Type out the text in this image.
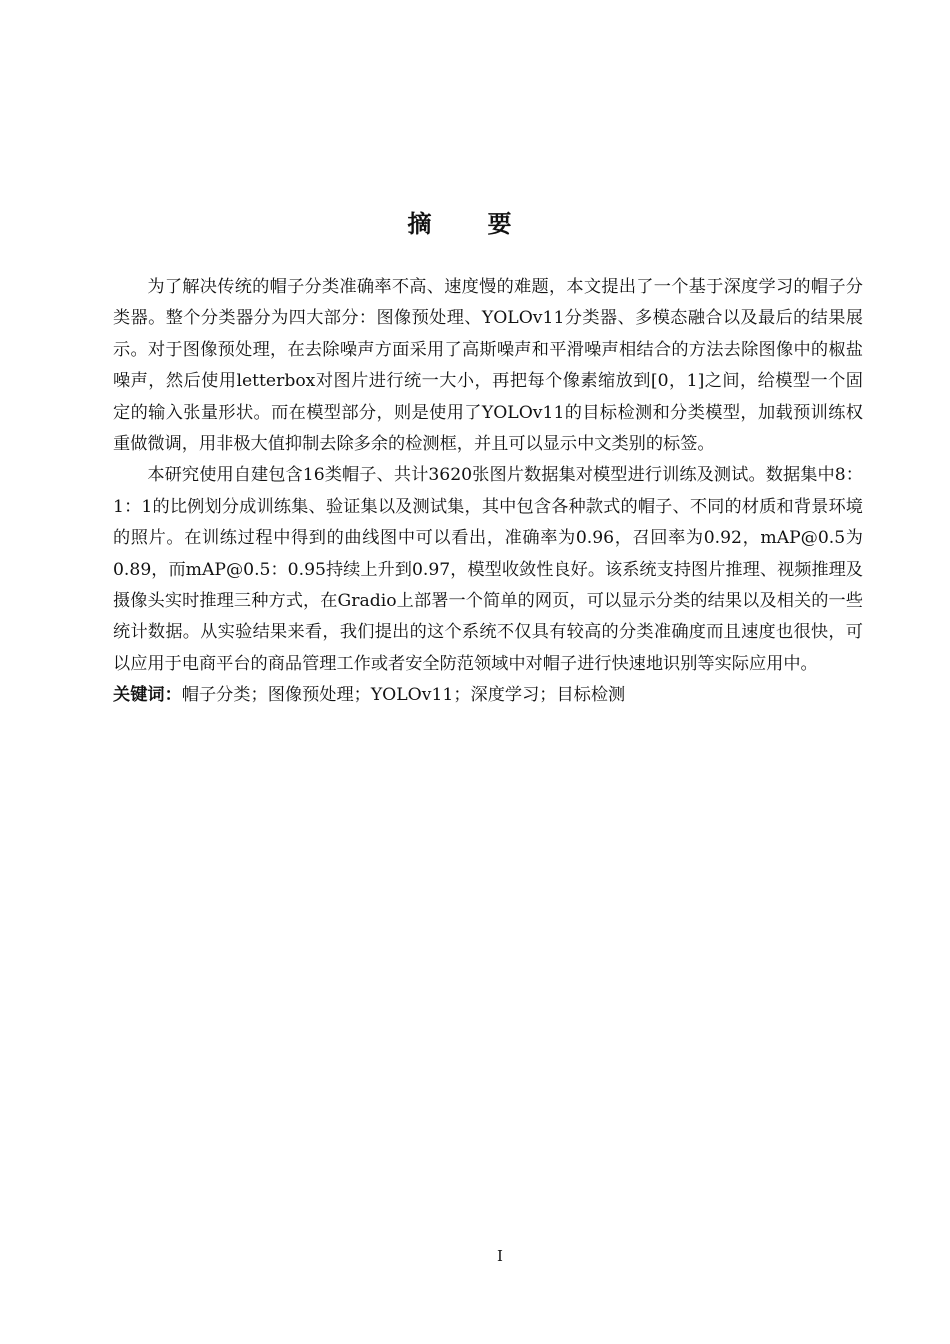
摘要

为了解决传统的帽子分类准确率不高、速度慢的难题，本文提出了一个基于深度学习的帽子分类器。整个分类器分为四大部分：图像预处理、YOLOv11分类器、多模态融合以及最后的结果展示。对于图像预处理，在去除噪声方面采用了高斯噪声和平滑噪声相结合的方法去除图像中的椒盐噪声，然后使用letterbox对图片进行统一大小，再把每个像素缩放到[0，1]之间，给模型一个固定的输入张量形状。而在模型部分，则是使用了YOLOv11的目标检测和分类模型，加载预训练权重做微调，用非极大值抑制去除多余的检测框，并且可以显示中文类别的标签。

本研究使用自建包含16类帽子、共计3620张图片数据集对模型进行训练及测试。数据集中8：1：1的比例划分成训练集、验证集以及测试集，其中包含各种款式的帽子、不同的材质和背景环境的照片。在训练过程中得到的曲线图中可以看出，准确率为0.96，召回率为0.92，mAP@0.5为0.89，而mAP@0.5：0.95持续上升到0.97，模型收敛性良好。该系统支持图片推理、视频推理及摄像头实时推理三种方式，在Gradio上部署一个简单的网页，可以显示分类的结果以及相关的一些统计数据。从实验结果来看，我们提出的这个系统不仅具有较高的分类准确度而且速度也很快，可以应用于电商平台的商品管理工作或者安全防范领域中对帽子进行快速地识别等实际应用中。

关键词：帽子分类；图像预处理；YOLOv11；深度学习；目标检测

I
